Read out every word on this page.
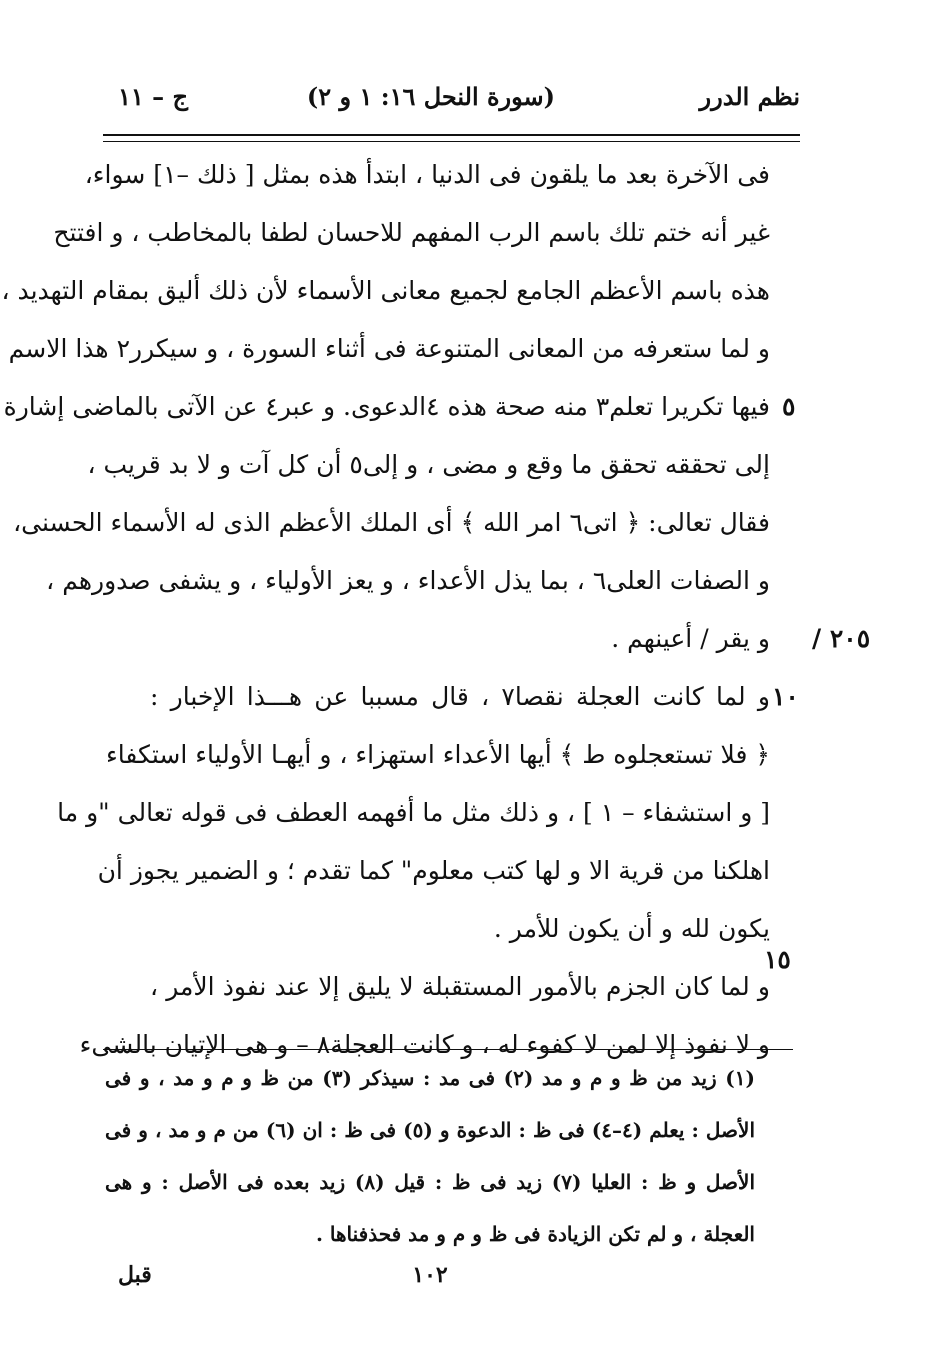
نظم الدرر
(سورة النحل ١٦: ١ و ٢)
ج – ١١
فى الآخرة بعد ما يلقون فى الدنيا ، ابتدأ هذه بمثل [ ذلك –١] سواء،
غير أنه ختم تلك باسم الرب المفهم للاحسان لطفا بالمخاطب ، و افتتح
هذه باسم الأعظم الجامع لجميع معانى الأسماء لأن ذلك أليق بمقام التهديد ،
و لما ستعرفه من المعانى المتنوعة فى أثناء السورة ، و سيكرر٢ هذا الاسم
فيها تكريرا تعلم٣ منه صحة هذه ٤الدعوى. و عبر٤ عن الآتى بالماضى إشارة
إلى تحققه تحقق ما وقع و مضى ، و إلى٥ أن كل آت و لا بد قريب ،
فقال تعالى: ﴿ اتى٦ امر الله ﴾ أى الملك الأعظم الذى له الأسماء الحسنى،
و الصفات العلى٦ ، بما يذل الأعداء ، و يعز الأولياء ، و يشفى صدورهم ،
و يقر / أعينهم .
و لما كانت العجلة نقصا٧ ، قال مسببا عن هـــذا الإخبار :
﴿ فلا تستعجلوه ط ﴾ أيها الأعداء استهزاء ، و أيهـا الأولياء استكفاء
[ و استشفاء – ١ ] ، و ذلك مثل ما أفهمه العطف فى قوله تعالى "و ما
اهلكنا من قرية الا و لها كتب معلوم" كما تقدم ؛ و الضمير يجوز أن
يكون لله و أن يكون للأمر .
و لما كان الجزم بالأمور المستقبلة لا يليق إلا عند نفوذ الأمر ،
و لا نفوذ إلا لمن لا كفوء له ، و كانت العجلة٨ – و هى الإتيان بالشىء
٥
٢٠٥ /
١٠
١٥
(١) زيد من ظ و م و مد (٢) فى مد : سيذكر (٣) من ظ و م و مد ، و فى
الأصل : يعلم (٤–٤) فى ظ : الدعوة و (٥) فى ظ : ان (٦) من م و مد ، و فى
الأصل و ظ : العليا (٧) زيد فى ظ : قيل (٨) زيد بعده فى الأصل : و هى
العجلة ، و لم تكن الزيادة فى ظ و م و مد فحذفناها .
١٠٢
قبل
